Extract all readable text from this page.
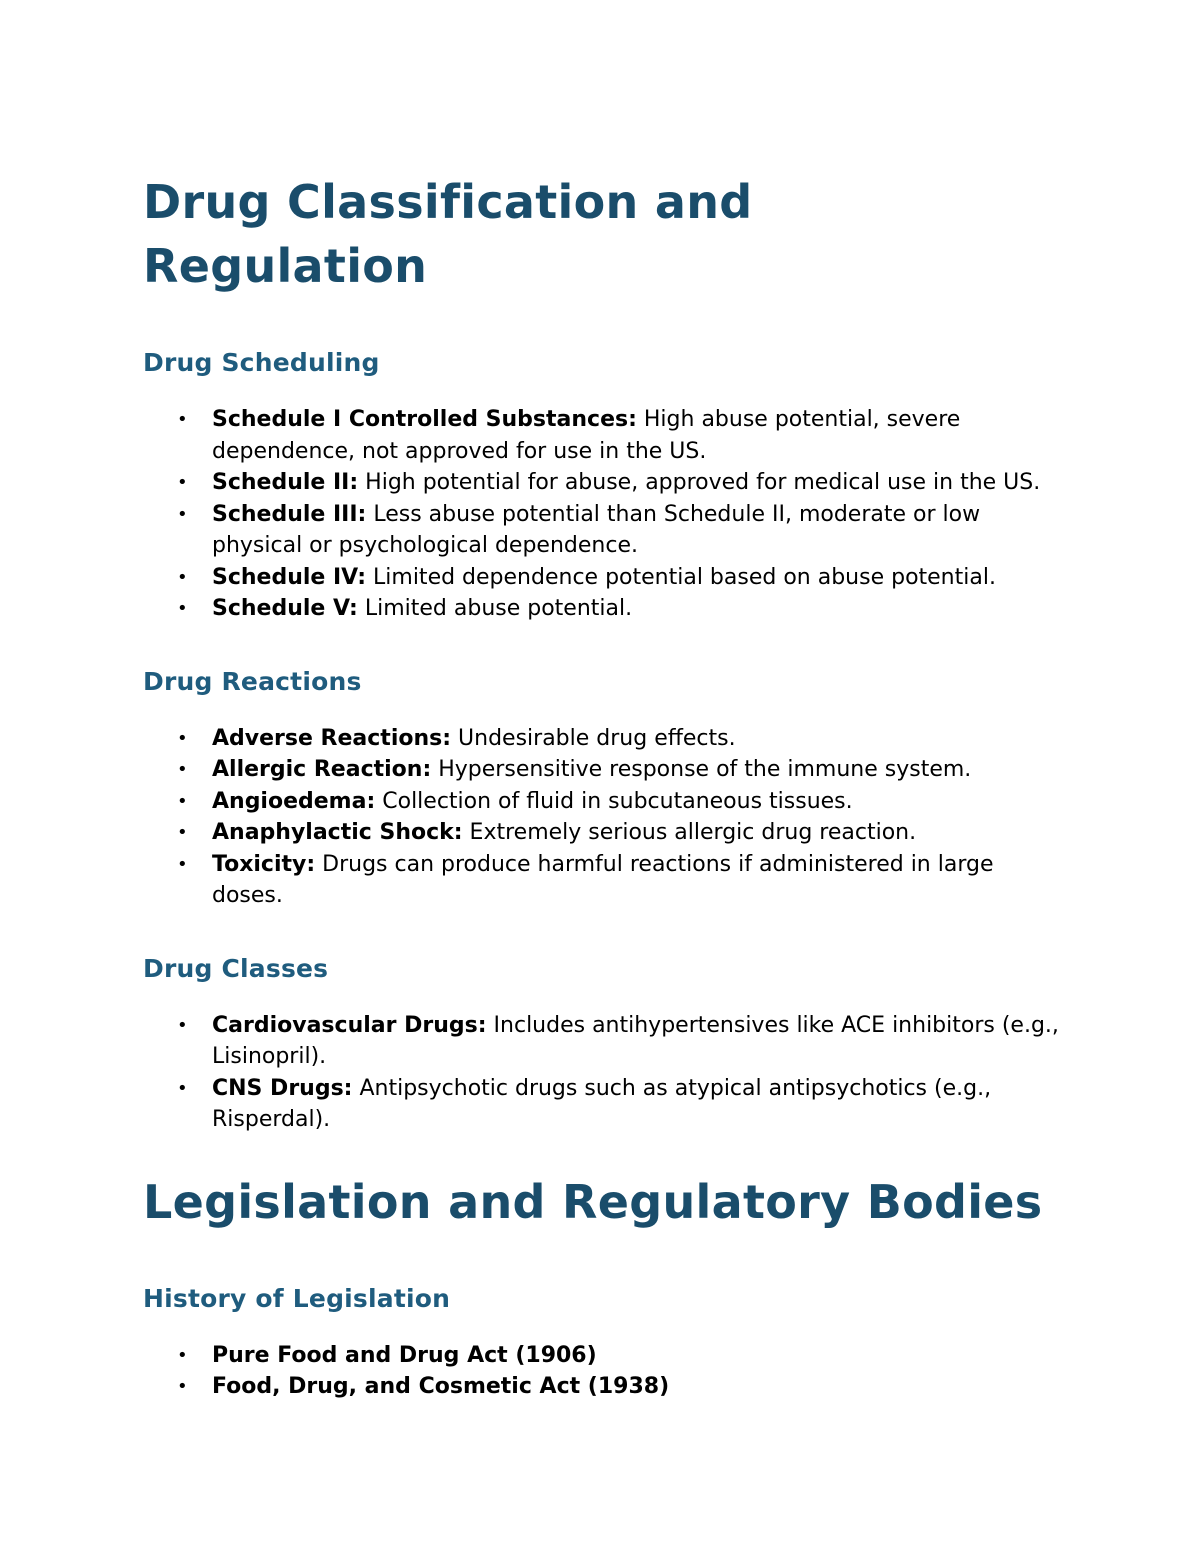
Drug Classification and Regulation
Drug Scheduling
• Schedule I Controlled Substances: High abuse potential, severe dependence, not approved for use in the US.
• Schedule II: High potential for abuse, approved for medical use in the US.
• Schedule III: Less abuse potential than Schedule II, moderate or low physical or psychological dependence.
• Schedule IV: Limited dependence potential based on abuse potential.
• Schedule V: Limited abuse potential.
Drug Reactions
• Adverse Reactions: Undesirable drug effects.
• Allergic Reaction: Hypersensitive response of the immune system.
• Angioedema: Collection of fluid in subcutaneous tissues.
• Anaphylactic Shock: Extremely serious allergic drug reaction.
• Toxicity: Drugs can produce harmful reactions if administered in large doses.
Drug Classes
• Cardiovascular Drugs: Includes antihypertensives like ACE inhibitors (e.g., Lisinopril).
• CNS Drugs: Antipsychotic drugs such as atypical antipsychotics (e.g., Risperdal).
Legislation and Regulatory Bodies
History of Legislation
• Pure Food and Drug Act (1906)
• Food, Drug, and Cosmetic Act (1938)
